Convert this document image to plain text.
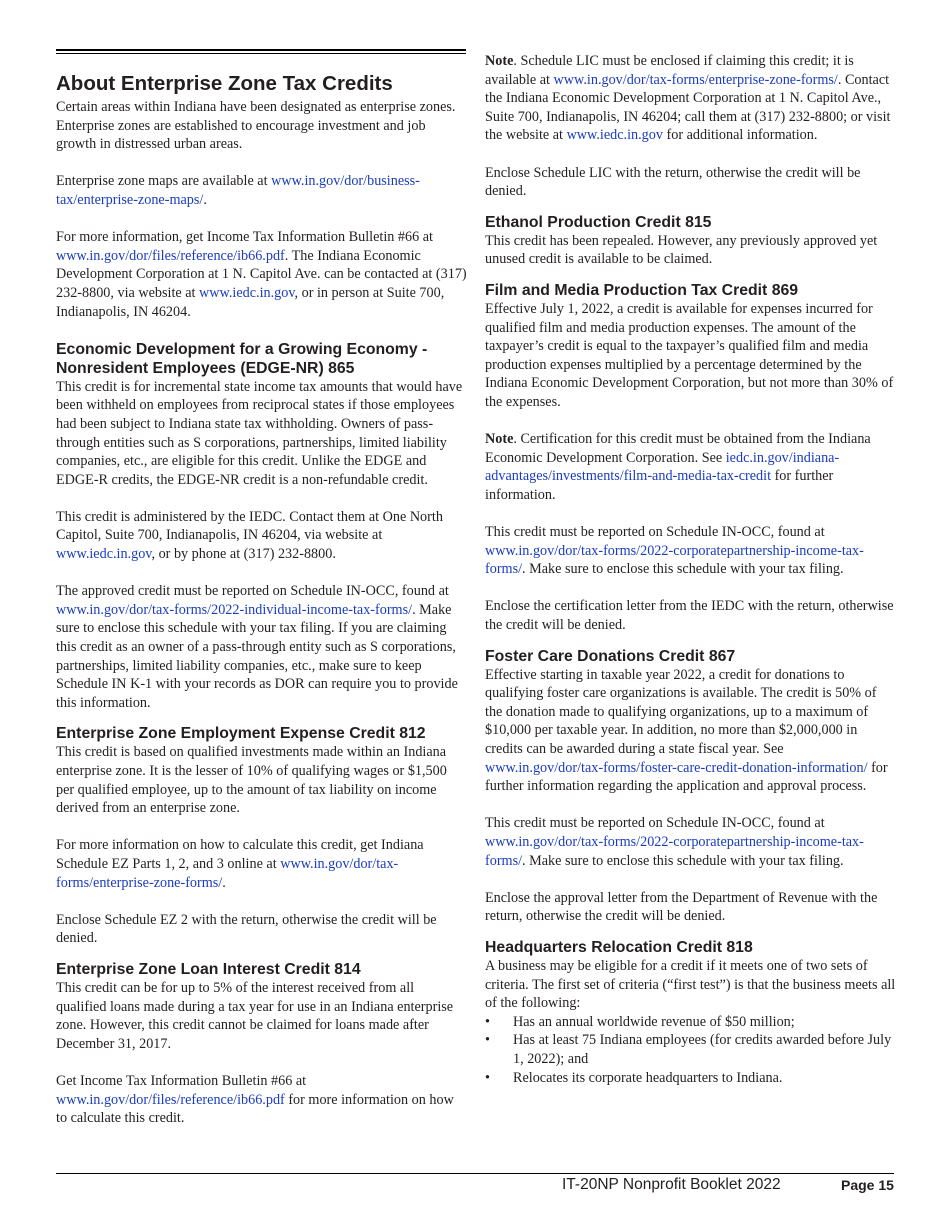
About Enterprise Zone Tax Credits

Certain areas within Indiana have been designated as enterprise zones. Enterprise zones are established to encourage investment and job growth in distressed urban areas.

Enterprise zone maps are available at www.in.gov/dor/business-tax/enterprise-zone-maps/.

For more information, get Income Tax Information Bulletin #66 at www.in.gov/dor/files/reference/ib66.pdf. The Indiana Economic Development Corporation at 1 N. Capitol Ave. can be contacted at (317) 232-8800, via website at www.iedc.in.gov, or in person at Suite 700, Indianapolis, IN 46204.

Economic Development for a Growing Economy - Nonresident Employees (EDGE-NR) 865

This credit is for incremental state income tax amounts that would have been withheld on employees from reciprocal states if those employees had been subject to Indiana state tax withholding. Owners of pass-through entities such as S corporations, partnerships, limited liability companies, etc., are eligible for this credit. Unlike the EDGE and EDGE-R credits, the EDGE-NR credit is a non-refundable credit.

This credit is administered by the IEDC. Contact them at One North Capitol, Suite 700, Indianapolis, IN 46204, via website at www.iedc.in.gov, or by phone at (317) 232-8800.

The approved credit must be reported on Schedule IN-OCC, found at www.in.gov/dor/tax-forms/2022-individual-income-tax-forms/. Make sure to enclose this schedule with your tax filing. If you are claiming this credit as an owner of a pass-through entity such as S corporations, partnerships, limited liability companies, etc., make sure to keep Schedule IN K-1 with your records as DOR can require you to provide this information.

Enterprise Zone Employment Expense Credit 812

This credit is based on qualified investments made within an Indiana enterprise zone. It is the lesser of 10% of qualifying wages or $1,500 per qualified employee, up to the amount of tax liability on income derived from an enterprise zone.

For more information on how to calculate this credit, get Indiana Schedule EZ Parts 1, 2, and 3 online at www.in.gov/dor/tax-forms/enterprise-zone-forms/.

Enclose Schedule EZ 2 with the return, otherwise the credit will be denied.

Enterprise Zone Loan Interest Credit 814

This credit can be for up to 5% of the interest received from all qualified loans made during a tax year for use in an Indiana enterprise zone. However, this credit cannot be claimed for loans made after December 31, 2017.

Get Income Tax Information Bulletin #66 at www.in.gov/dor/files/reference/ib66.pdf for more information on how to calculate this credit.

Note. Schedule LIC must be enclosed if claiming this credit; it is available at www.in.gov/dor/tax-forms/enterprise-zone-forms/. Contact the Indiana Economic Development Corporation at 1 N. Capitol Ave., Suite 700, Indianapolis, IN 46204; call them at (317) 232-8800; or visit the website at www.iedc.in.gov for additional information.

Enclose Schedule LIC with the return, otherwise the credit will be denied.

Ethanol Production Credit 815

This credit has been repealed. However, any previously approved yet unused credit is available to be claimed.

Film and Media Production Tax Credit 869

Effective July 1, 2022, a credit is available for expenses incurred for qualified film and media production expenses. The amount of the taxpayer’s credit is equal to the taxpayer’s qualified film and media production expenses multiplied by a percentage determined by the Indiana Economic Development Corporation, but not more than 30% of the expenses.

Note. Certification for this credit must be obtained from the Indiana Economic Development Corporation. See iedc.in.gov/indiana-advantages/investments/film-and-media-tax-credit for further information.

This credit must be reported on Schedule IN-OCC, found at www.in.gov/dor/tax-forms/2022-corporatepartnership-income-tax-forms/. Make sure to enclose this schedule with your tax filing.

Enclose the certification letter from the IEDC with the return, otherwise the credit will be denied.

Foster Care Donations Credit 867

Effective starting in taxable year 2022, a credit for donations to qualifying foster care organizations is available. The credit is 50% of the donation made to qualifying organizations, up to a maximum of $10,000 per taxable year. In addition, no more than $2,000,000 in credits can be awarded during a state fiscal year. See www.in.gov/dor/tax-forms/foster-care-credit-donation-information/ for further information regarding the application and approval process.

This credit must be reported on Schedule IN-OCC, found at www.in.gov/dor/tax-forms/2022-corporatepartnership-income-tax-forms/. Make sure to enclose this schedule with your tax filing.

Enclose the approval letter from the Department of Revenue with the return, otherwise the credit will be denied.

Headquarters Relocation Credit 818

A business may be eligible for a credit if it meets one of two sets of criteria. The first set of criteria (“first test”) is that the business meets all of the following:

• Has an annual worldwide revenue of $50 million;
• Has at least 75 Indiana employees (for credits awarded before July 1, 2022); and
• Relocates its corporate headquarters to Indiana.
IT-20NP Nonprofit Booklet 2022	Page 15
